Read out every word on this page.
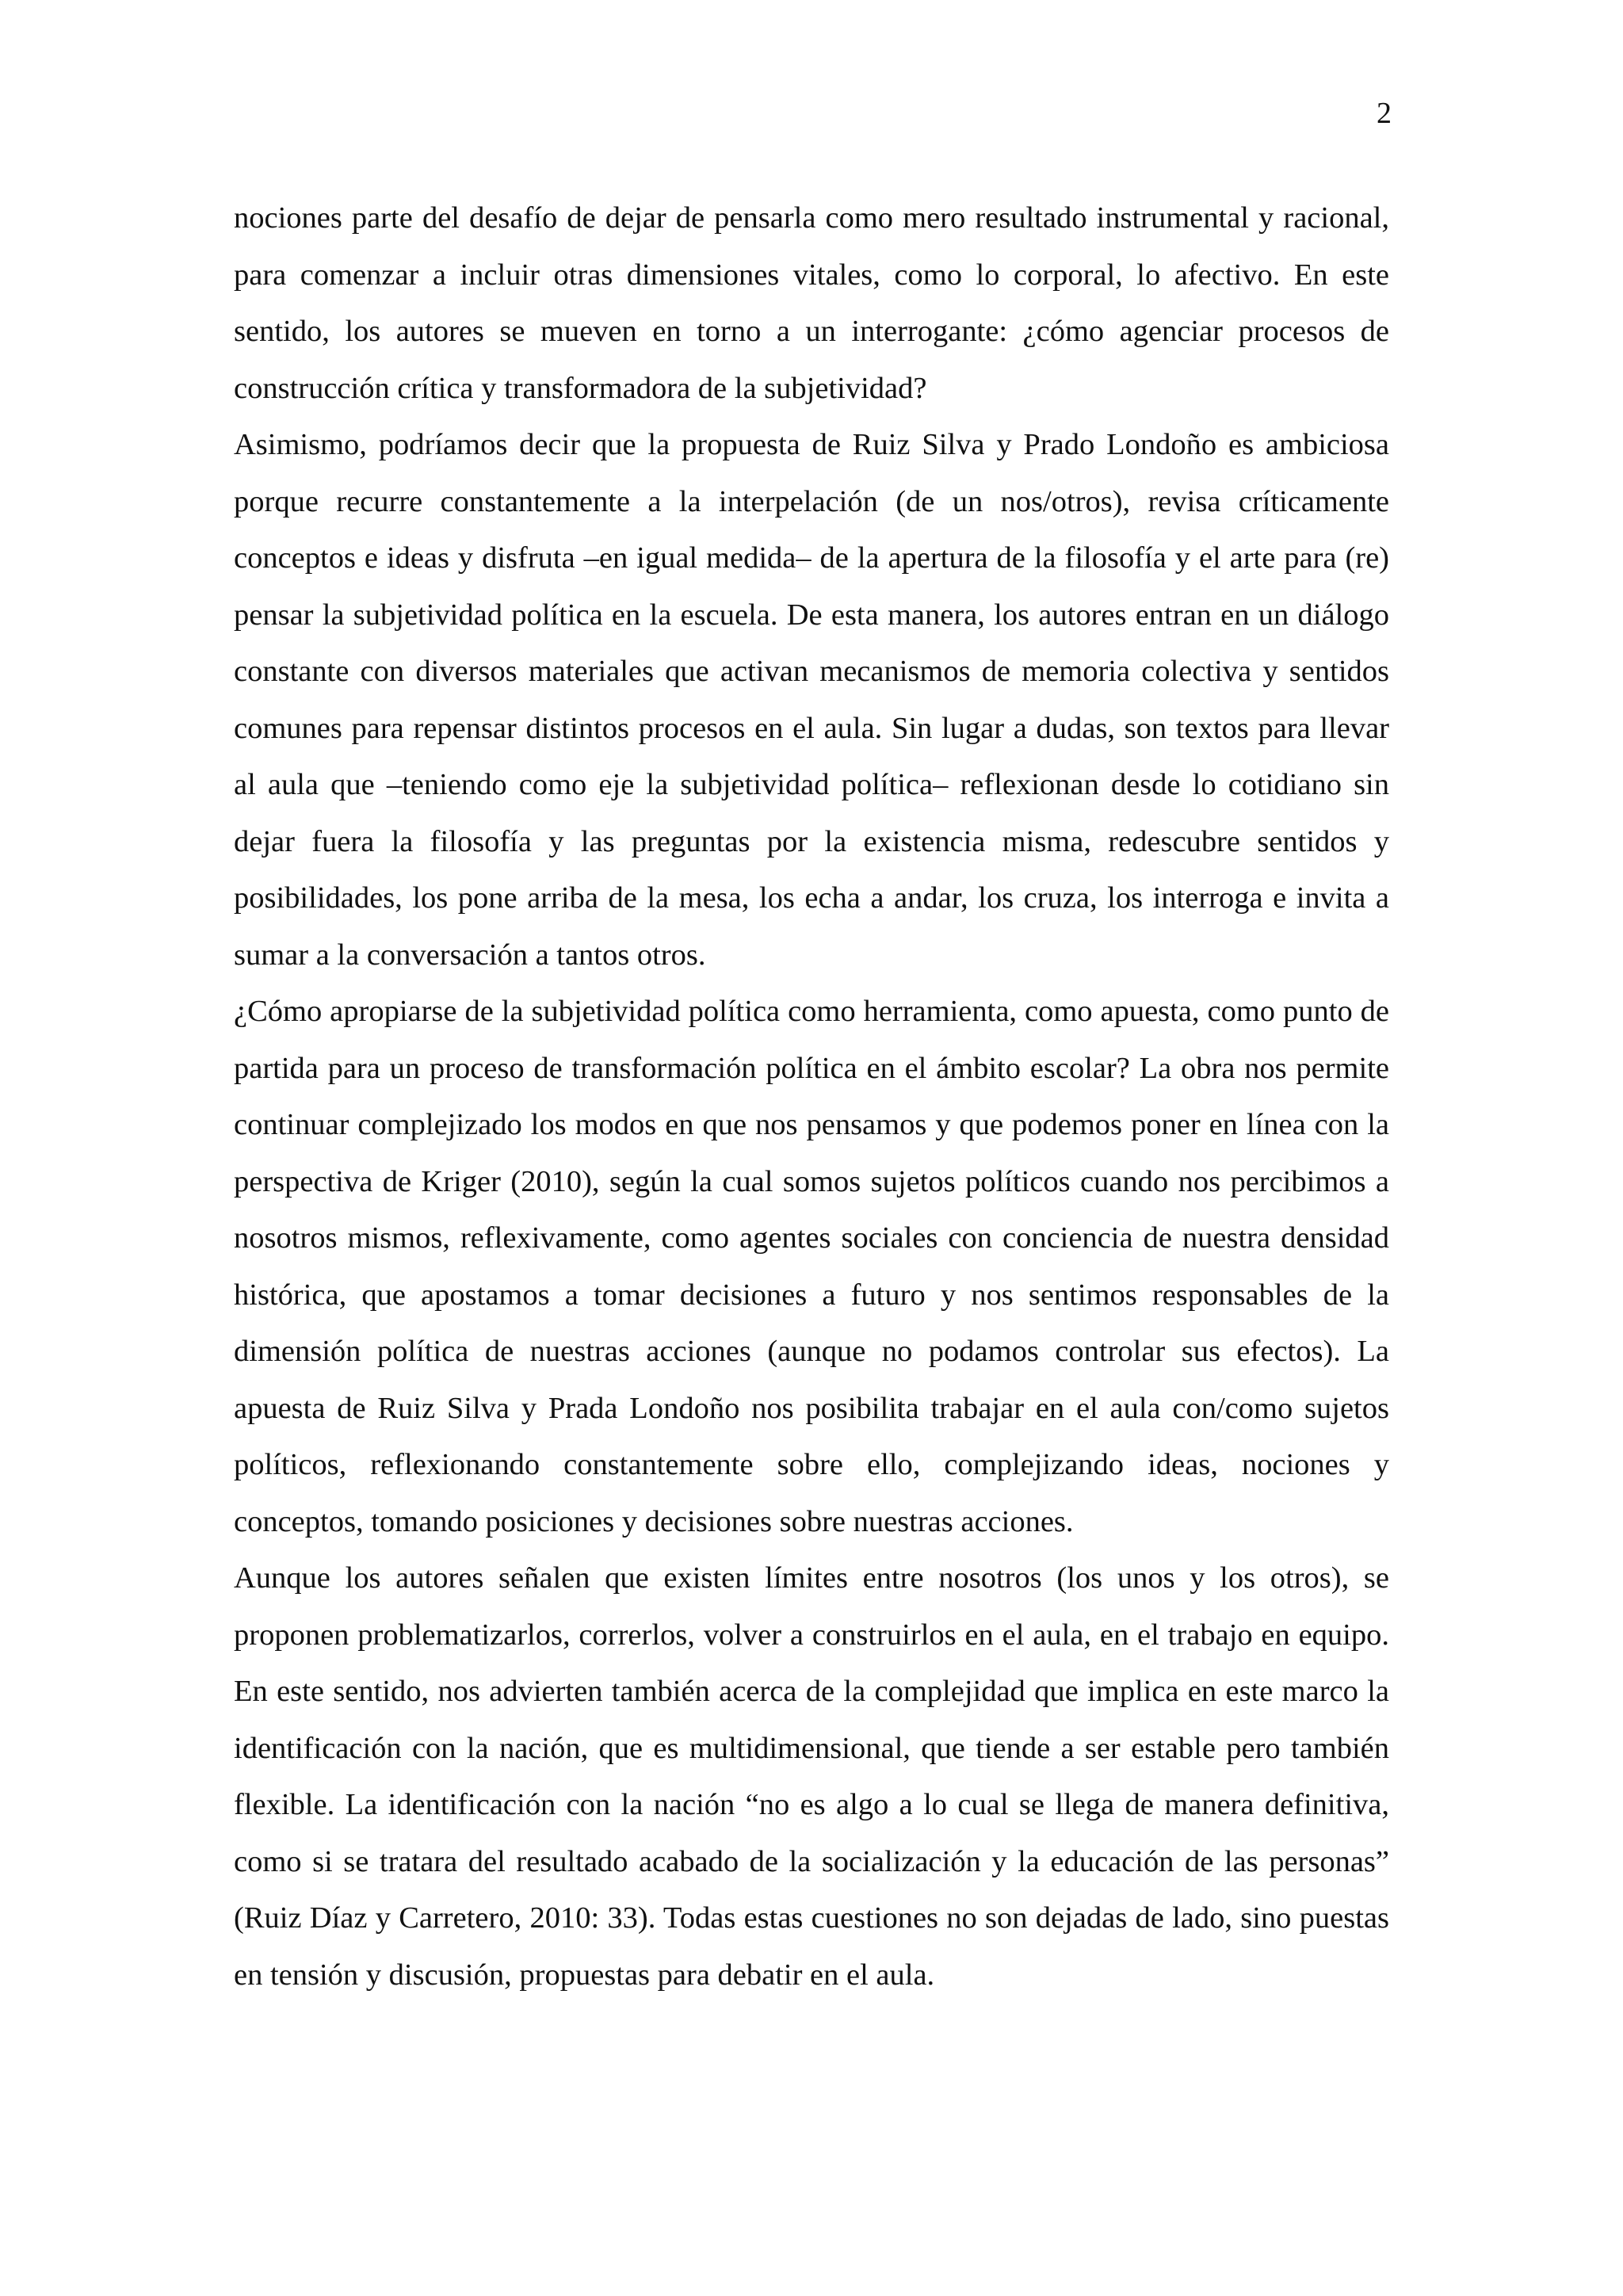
2

nociones parte del desafío de dejar de pensarla como mero resultado instrumental y racional, para comenzar a incluir otras dimensiones vitales, como lo corporal, lo afectivo. En este sentido, los autores se mueven en torno a un interrogante: ¿cómo agenciar procesos de construcción crítica y transformadora de la subjetividad?

Asimismo, podríamos decir que la propuesta de Ruiz Silva y Prado Londoño es ambiciosa porque recurre constantemente a la interpelación (de un nos/otros), revisa críticamente conceptos e ideas y disfruta –en igual medida– de la apertura de la filosofía y el arte para (re) pensar la subjetividad política en la escuela. De esta manera, los autores entran en un diálogo constante con diversos materiales que activan mecanismos de memoria colectiva y sentidos comunes para repensar distintos procesos en el aula. Sin lugar a dudas, son textos para llevar al aula que –teniendo como eje la subjetividad política– reflexionan desde lo cotidiano sin dejar fuera la filosofía y las preguntas por la existencia misma, redescubre sentidos y posibilidades, los pone arriba de la mesa, los echa a andar, los cruza, los interroga e invita a sumar a la conversación a tantos otros.

¿Cómo apropiarse de la subjetividad política como herramienta, como apuesta, como punto de partida para un proceso de transformación política en el ámbito escolar? La obra nos permite continuar complejizado los modos en que nos pensamos y que podemos poner en línea con la perspectiva de Kriger (2010), según la cual somos sujetos políticos cuando nos percibimos a nosotros mismos, reflexivamente, como agentes sociales con conciencia de nuestra densidad histórica, que apostamos a tomar decisiones a futuro y nos sentimos responsables de la dimensión política de nuestras acciones (aunque no podamos controlar sus efectos). La apuesta de Ruiz Silva y Prada Londoño nos posibilita trabajar en el aula con/como sujetos políticos, reflexionando constantemente sobre ello, complejizando ideas, nociones y conceptos, tomando posiciones y decisiones sobre nuestras acciones.

Aunque los autores señalen que existen límites entre nosotros (los unos y los otros), se proponen problematizarlos, correrlos, volver a construirlos en el aula, en el trabajo en equipo. En este sentido, nos advierten también acerca de la complejidad que implica en este marco la identificación con la nación, que es multidimensional, que tiende a ser estable pero también flexible. La identificación con la nación “no es algo a lo cual se llega de manera definitiva, como si se tratara del resultado acabado de la socialización y la educación de las personas” (Ruiz Díaz y Carretero, 2010: 33). Todas estas cuestiones no son dejadas de lado, sino puestas en tensión y discusión, propuestas para debatir en el aula.
